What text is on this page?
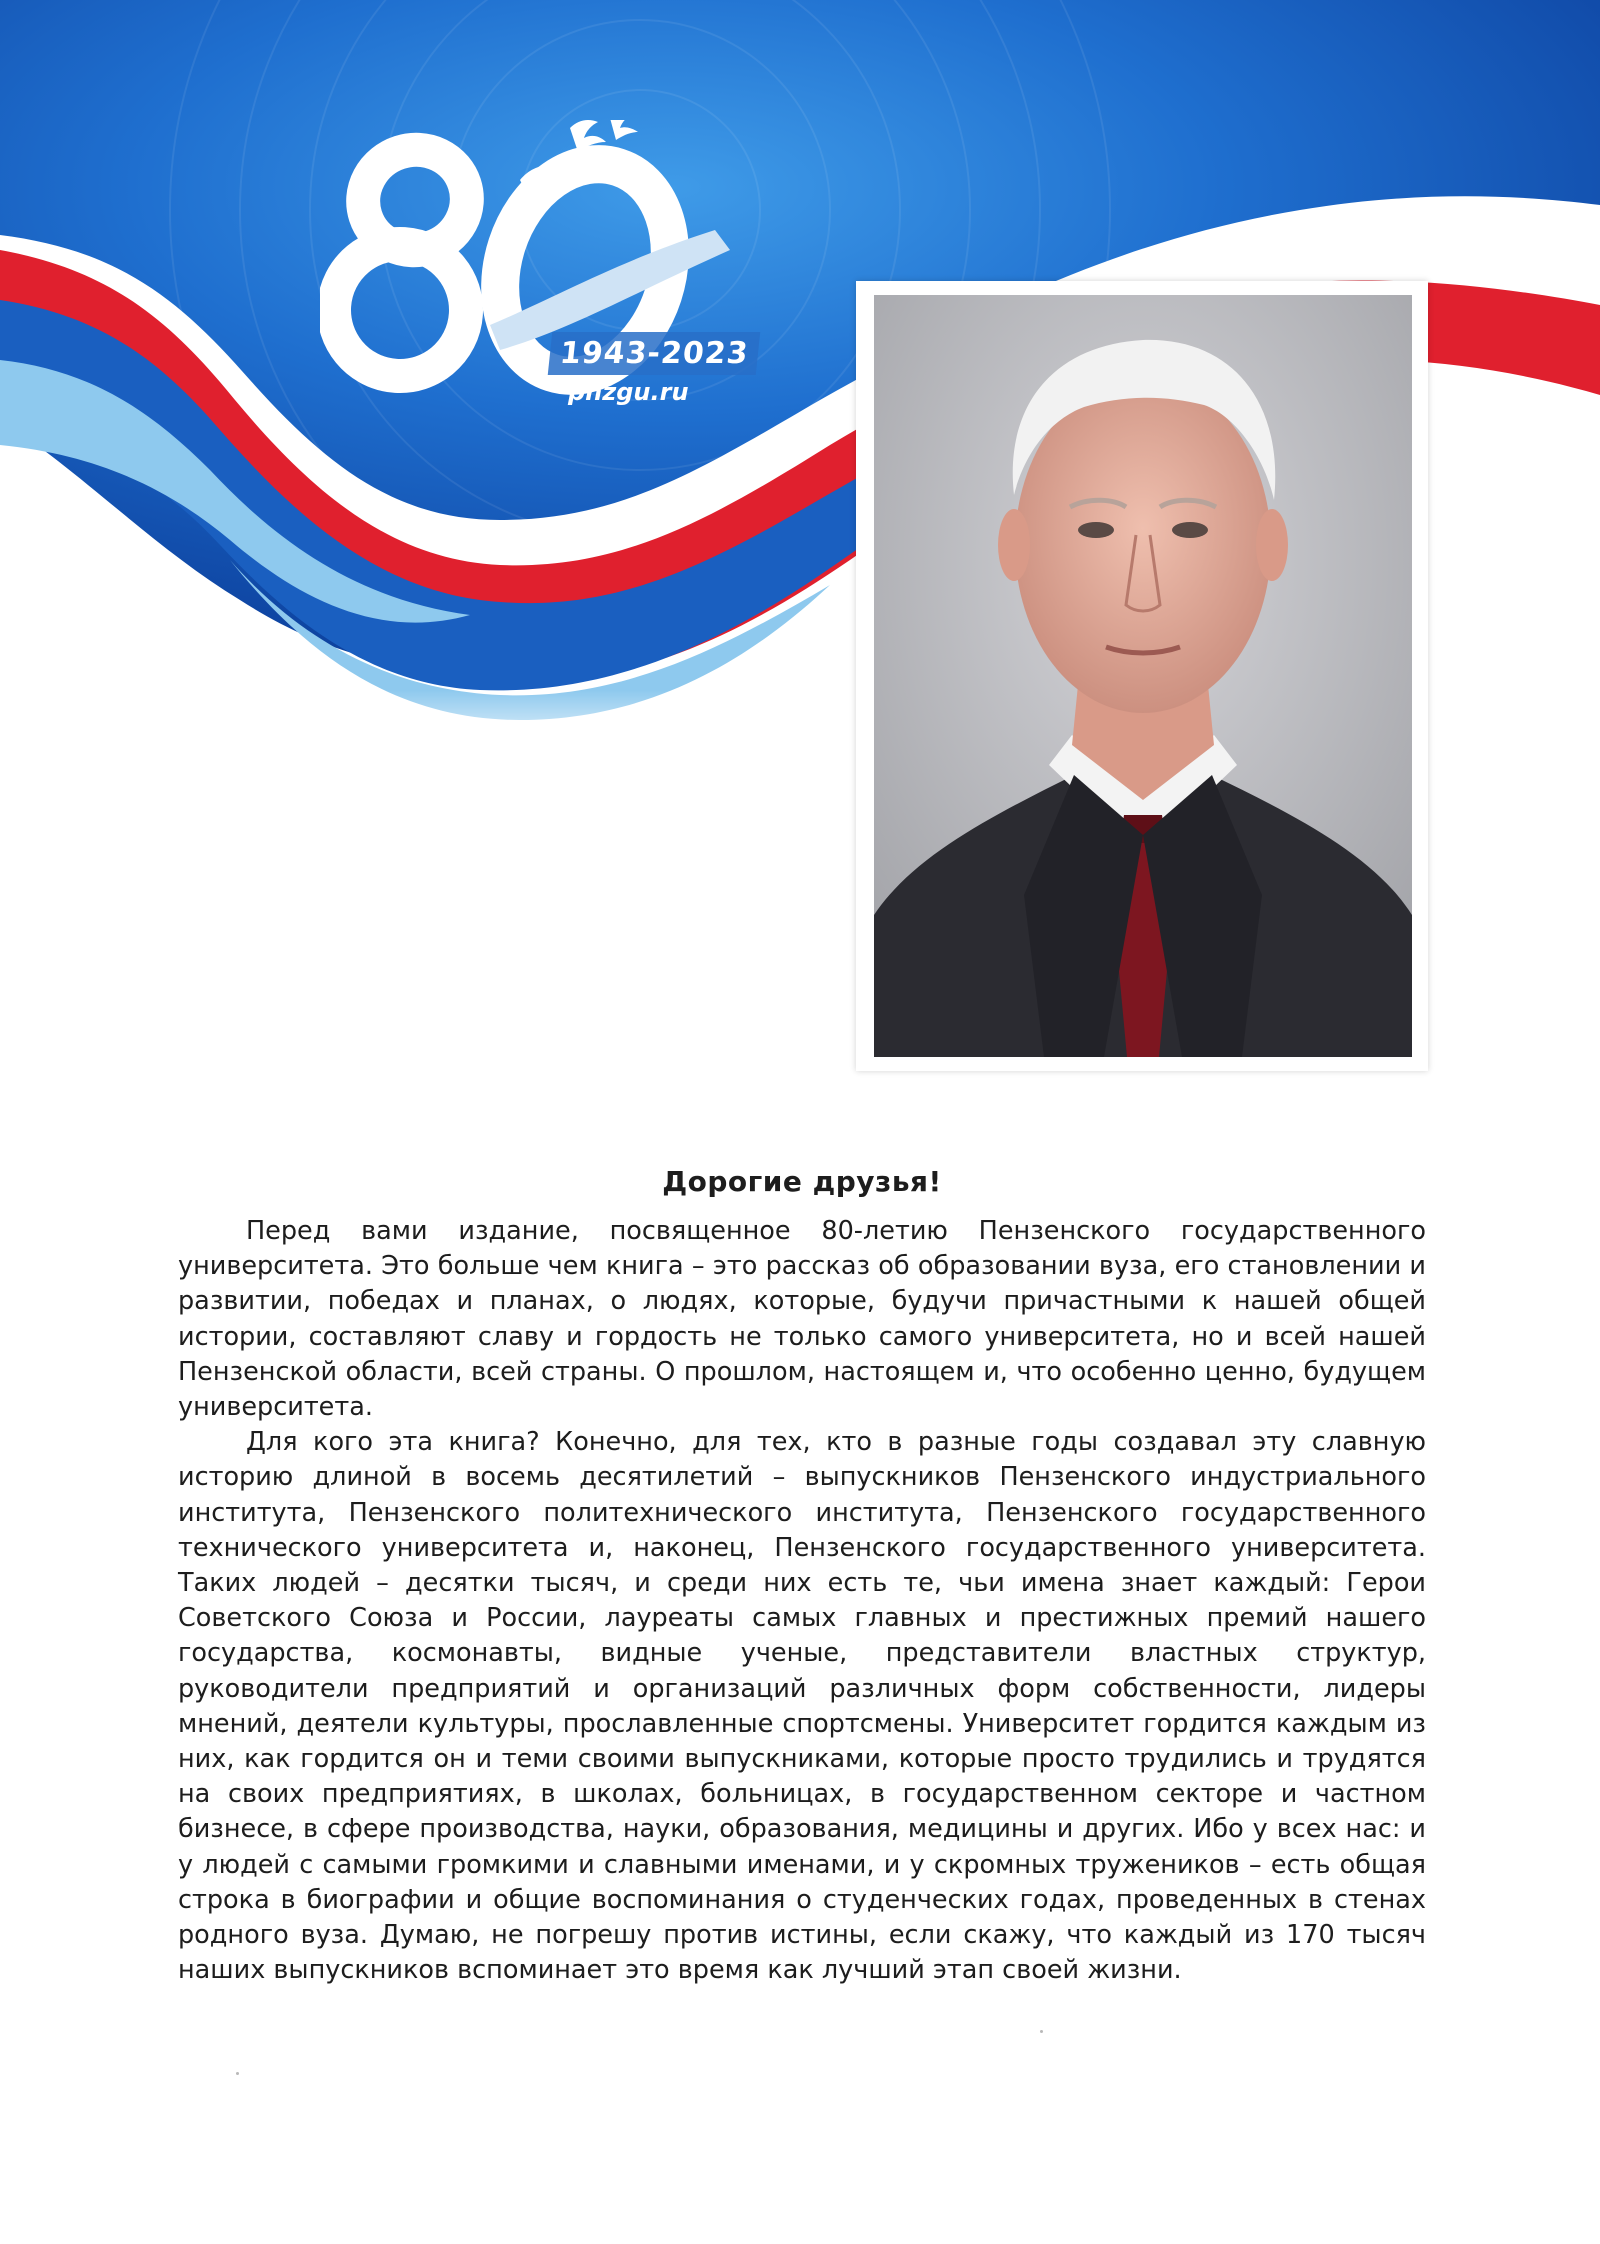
1943-2023
pnzgu.ru
Дорогие друзья!

Перед вами издание, посвященное 80-летию Пензенского государственного университета. Это больше чем книга – это рассказ об образовании вуза, его становлении и развитии, победах и планах, о людях, которые, будучи причастными к нашей общей истории, составляют славу и гордость не только самого университета, но и всей нашей Пензенской области, всей страны. О прошлом, настоящем и, что особенно ценно, будущем университета.

Для кого эта книга? Конечно, для тех, кто в разные годы создавал эту славную историю длиной в восемь десятилетий – выпускников Пензенского индустриального института, Пензенского политехнического института, Пензенского государственного технического университета и, наконец, Пензенского государственного университета. Таких людей – десятки тысяч, и среди них есть те, чьи имена знает каждый: Герои Советского Союза и России, лауреаты самых главных и престижных премий нашего государства, космонавты, видные ученые, представители властных структур, руководители предприятий и организаций различных форм собственности, лидеры мнений, деятели культуры, прославленные спортсмены. Университет гордится каждым из них, как гордится он и теми своими выпускниками, которые просто трудились и трудятся на своих предприятиях, в школах, больницах, в государственном секторе и частном бизнесе, в сфере производства, науки, образования, медицины и других. Ибо у всех нас: и у людей с самыми громкими и славными именами, и у скромных тружеников – есть общая строка в биографии и общие воспоминания о студенческих годах, проведенных в стенах родного вуза. Думаю, не погрешу против истины, если скажу, что каждый из 170 тысяч наших выпускников вспоминает это время как лучший этап своей жизни.
